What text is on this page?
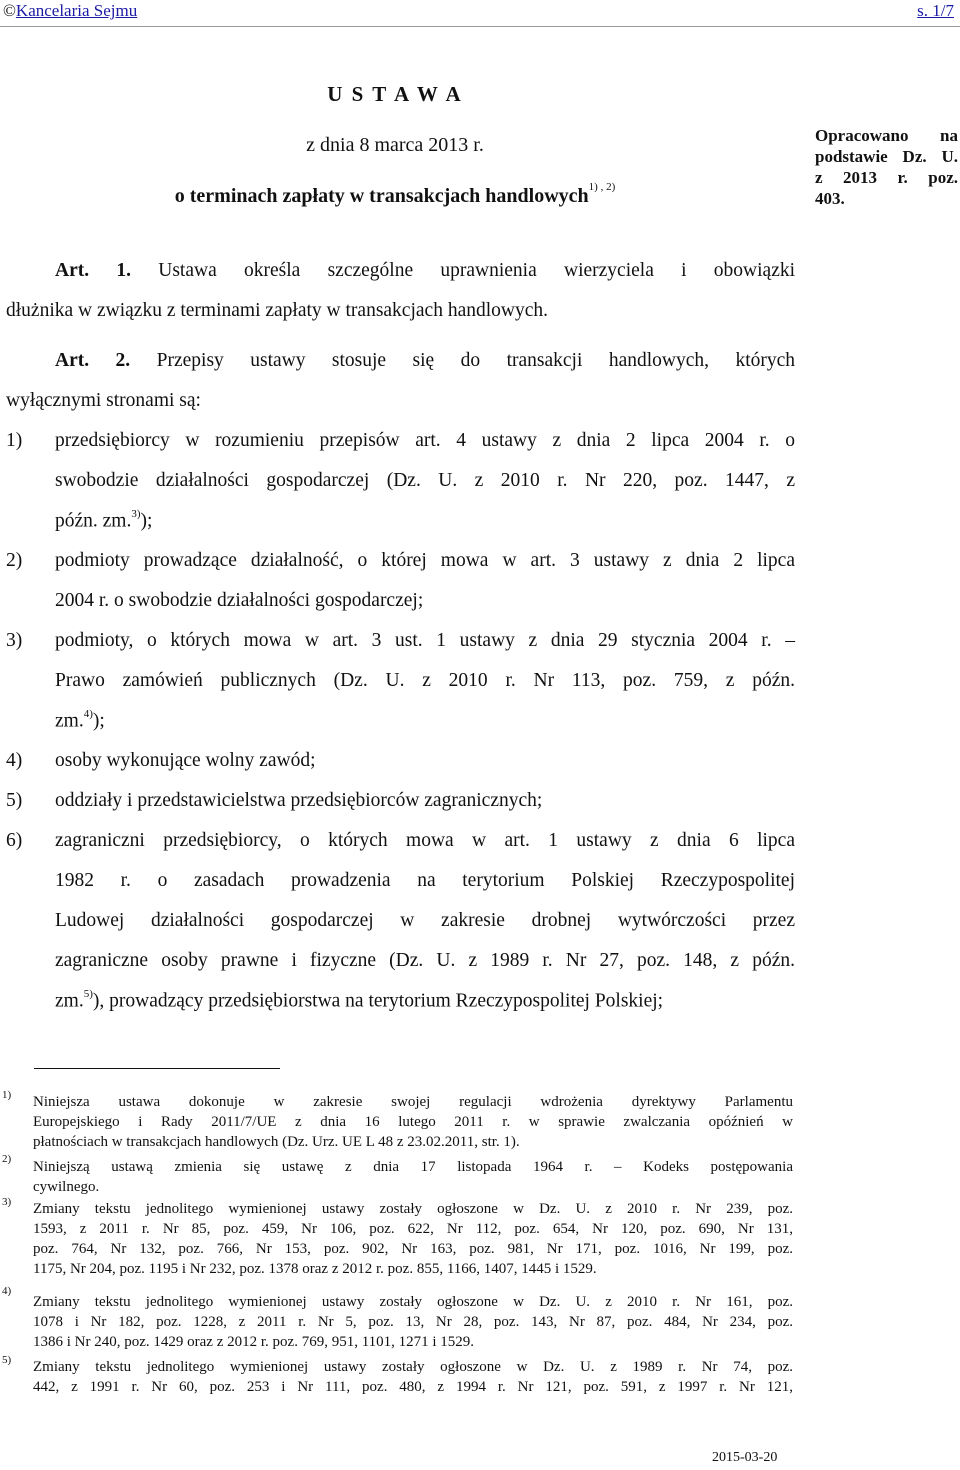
©Kancelaria Sejmu	s. 1/7
U S T A W A
z dnia 8 marca 2013 r.
o terminach zapłaty w transakcjach handlowych$^{1) , 2)}$
Opracowano na
podstawie Dz. U.
z 2013 r. poz.
403.
Art. 1. Ustawa określa szczególne uprawnienia wierzyciela i obowiązki
dłużnika w związku z terminami zapłaty w transakcjach handlowych.
Art. 2. Przepisy ustawy stosuje się do transakcji handlowych, których
wyłącznymi stronami są:
1) przedsiębiorcy w rozumieniu przepisów art. 4 ustawy z dnia 2 lipca 2004 r. o
swobodzie działalności gospodarczej (Dz. U. z 2010 r. Nr 220, poz. 1447, z
późn. zm.$^{3)}$);
2) podmioty prowadzące działalność, o której mowa w art. 3 ustawy z dnia 2 lipca
2004 r. o swobodzie działalności gospodarczej;
3) podmioty, o których mowa w art. 3 ust. 1 ustawy z dnia 29 stycznia 2004 r. –
Prawo zamówień publicznych (Dz. U. z 2010 r. Nr 113, poz. 759, z późn.
zm.$^{4)}$);
4) osoby wykonujące wolny zawód;
5) oddziały i przedstawicielstwa przedsiębiorców zagranicznych;
6) zagraniczni przedsiębiorcy, o których mowa w art. 1 ustawy z dnia 6 lipca
1982 r. o zasadach prowadzenia na terytorium Polskiej Rzeczypospolitej
Ludowej działalności gospodarczej w zakresie drobnej wytwórczości przez
zagraniczne osoby prawne i fizyczne (Dz. U. z 1989 r. Nr 27, poz. 148, z późn.
zm.$^{5)}$), prowadzący przedsiębiorstwa na terytorium Rzeczypospolitej Polskiej;
1) Niniejsza ustawa dokonuje w zakresie swojej regulacji wdrożenia dyrektywy Parlamentu
Europejskiego i Rady 2011/7/UE z dnia 16 lutego 2011 r. w sprawie zwalczania opóźnień w
płatnościach w transakcjach handlowych (Dz. Urz. UE L 48 z 23.02.2011, str. 1).
2) Niniejszą ustawą zmienia się ustawę z dnia 17 listopada 1964 r. – Kodeks postępowania
cywilnego.
3) Zmiany tekstu jednolitego wymienionej ustawy zostały ogłoszone w Dz. U. z 2010 r. Nr 239, poz.
1593, z 2011 r. Nr 85, poz. 459, Nr 106, poz. 622, Nr 112, poz. 654, Nr 120, poz. 690, Nr 131,
poz. 764, Nr 132, poz. 766, Nr 153, poz. 902, Nr 163, poz. 981, Nr 171, poz. 1016, Nr 199, poz.
1175, Nr 204, poz. 1195 i Nr 232, poz. 1378 oraz z 2012 r. poz. 855, 1166, 1407, 1445 i 1529.
4)
Zmiany tekstu jednolitego wymienionej ustawy zostały ogłoszone w Dz. U. z 2010 r. Nr 161, poz.
1078 i Nr 182, poz. 1228, z 2011 r. Nr 5, poz. 13, Nr 28, poz. 143, Nr 87, poz. 484, Nr 234, poz.
1386 i Nr 240, poz. 1429 oraz z 2012 r. poz. 769, 951, 1101, 1271 i 1529.
5) Zmiany tekstu jednolitego wymienionej ustawy zostały ogłoszone w Dz. U. z 1989 r. Nr 74, poz.
442, z 1991 r. Nr 60, poz. 253 i Nr 111, poz. 480, z 1994 r. Nr 121, poz. 591, z 1997 r. Nr 121,
2015-03-20
